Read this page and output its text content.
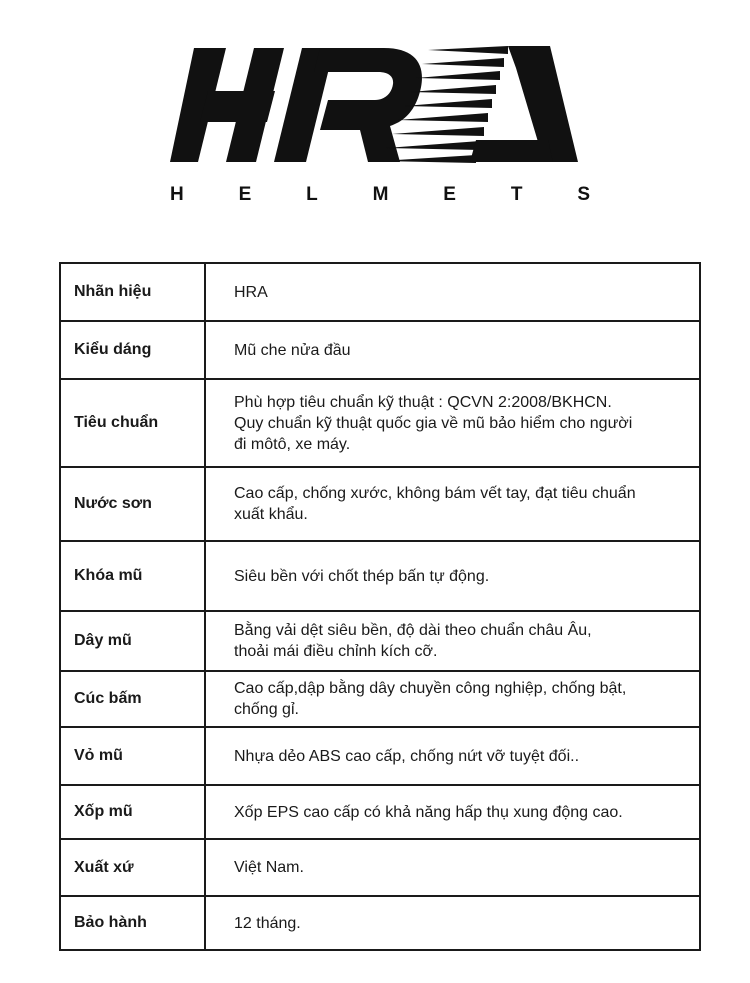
H	E	L	M	E	T	S
Nhãn hiệu	HRA
Kiểu dáng	Mũ che nửa đầu
Tiêu chuẩn	Phù hợp tiêu chuẩn kỹ thuật : QCVN 2:2008/BKHCN.
Quy chuẩn kỹ thuật quốc gia về mũ bảo hiểm cho người
đi môtô, xe máy.
Nước sơn	Cao cấp, chống xước, không bám vết tay, đạt tiêu chuẩn
xuất khẩu.
Khóa mũ	Siêu bền với chốt thép bấn tự động.
Dây mũ	Bằng vải dệt siêu bền, độ dài theo chuẩn châu Âu,
thoải mái điều chỉnh kích cỡ.
Cúc bấm	Cao cấp,dập bằng dây chuyền công nghiệp, chống bật,
chống gỉ.
Vỏ mũ	Nhựa dẻo ABS cao cấp, chống nứt vỡ tuyệt đối..
Xốp mũ	Xốp EPS cao cấp có khả năng hấp thụ xung động cao.
Xuất xứ	Việt Nam.
Bảo hành	12 tháng.
